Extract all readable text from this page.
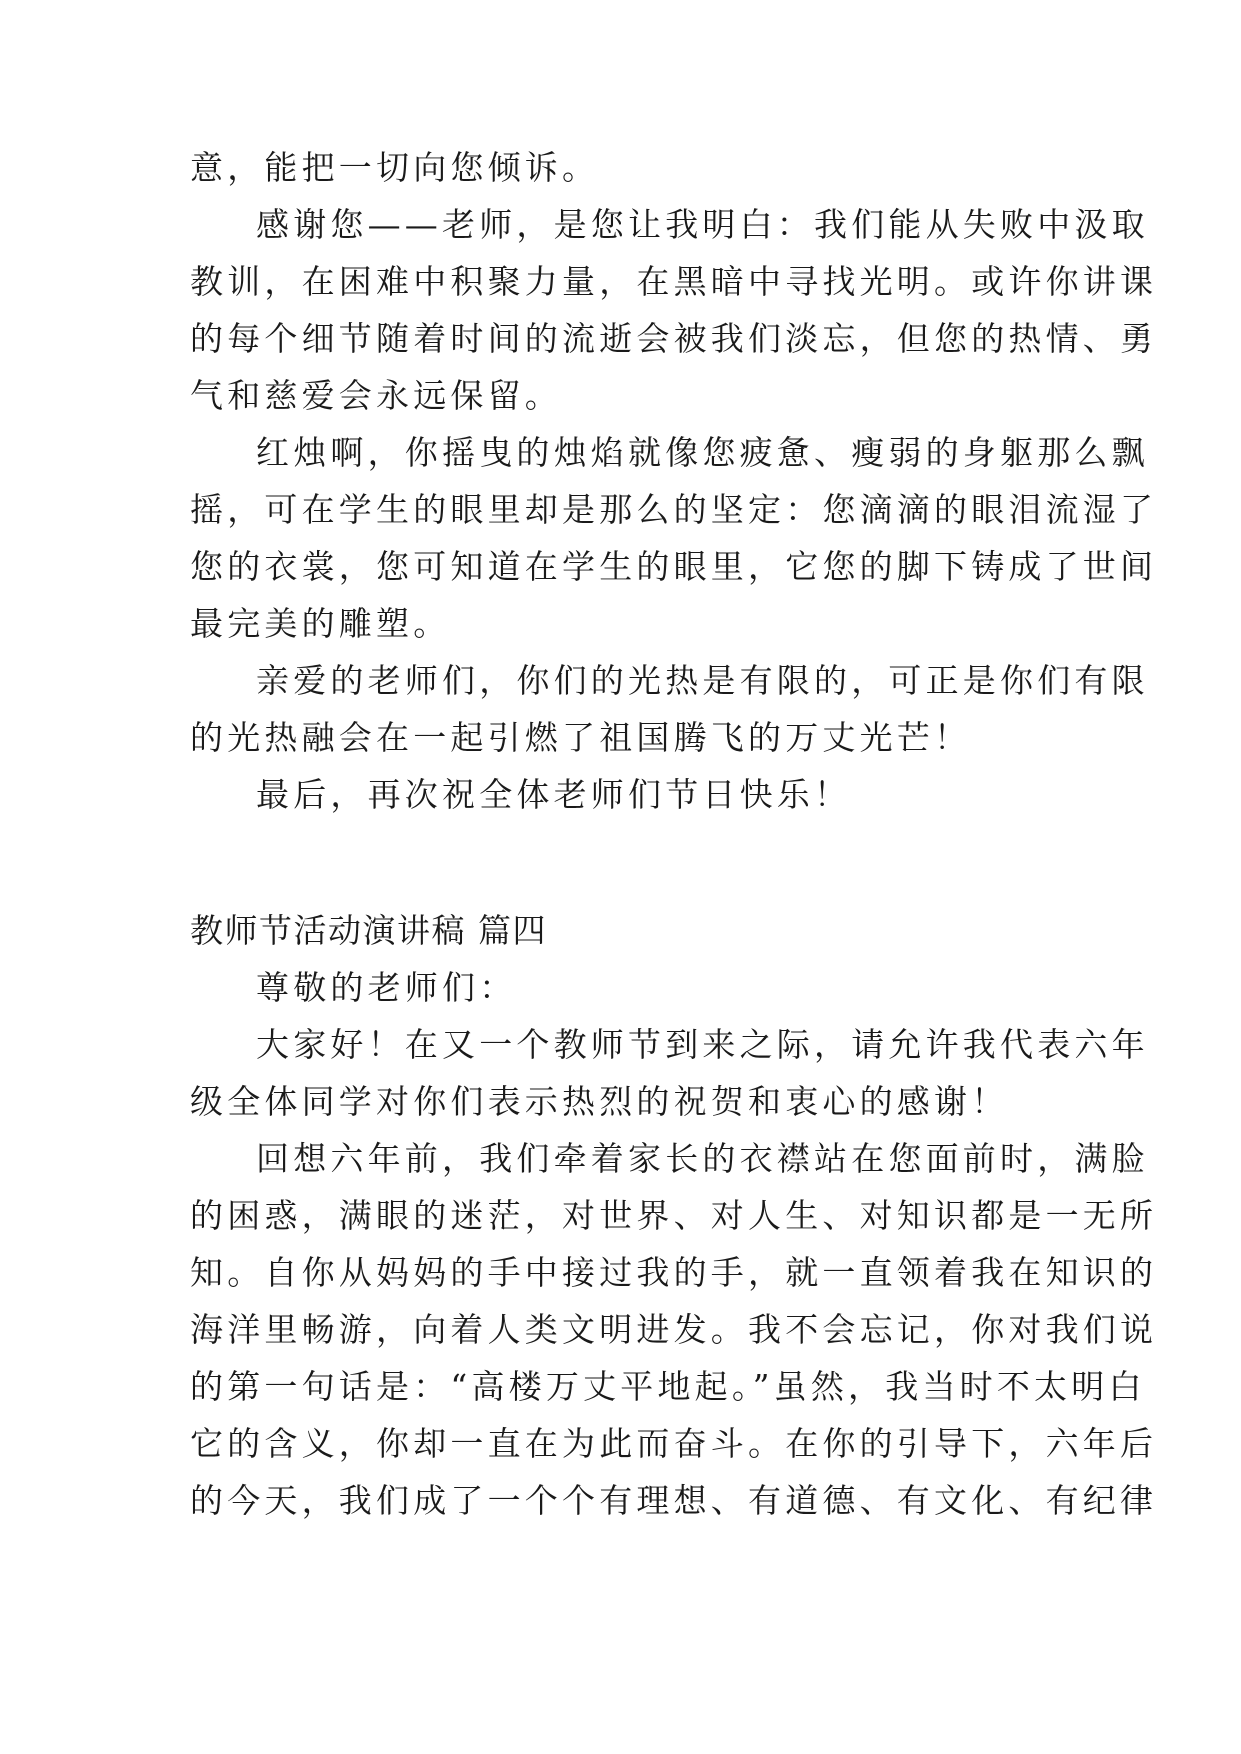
意，能把一切向您倾诉。
感谢您——老师，是您让我明白：我们能从失败中汲取
教训，在困难中积聚力量，在黑暗中寻找光明。或许你讲课
的每个细节随着时间的流逝会被我们淡忘，但您的热情、勇
气和慈爱会永远保留。
红烛啊，你摇曳的烛焰就像您疲惫、瘦弱的身躯那么飘
摇，可在学生的眼里却是那么的坚定：您滴滴的眼泪流湿了
您的衣裳，您可知道在学生的眼里，它您的脚下铸成了世间
最完美的雕塑。
亲爱的老师们，你们的光热是有限的，可正是你们有限
的光热融会在一起引燃了祖国腾飞的万丈光芒！
最后，再次祝全体老师们节日快乐！
教师节活动演讲稿 篇四
尊敬的老师们：
大家好！在又一个教师节到来之际，请允许我代表六年
级全体同学对你们表示热烈的祝贺和衷心的感谢！
回想六年前，我们牵着家长的衣襟站在您面前时，满脸
的困惑，满眼的迷茫，对世界、对人生、对知识都是一无所
知。自你从妈妈的手中接过我的手，就一直领着我在知识的
海洋里畅游，向着人类文明进发。我不会忘记，你对我们说
的第一句话是：“高楼万丈平地起。”虽然，我当时不太明白
它的含义，你却一直在为此而奋斗。在你的引导下，六年后
的今天，我们成了一个个有理想、有道德、有文化、有纪律
